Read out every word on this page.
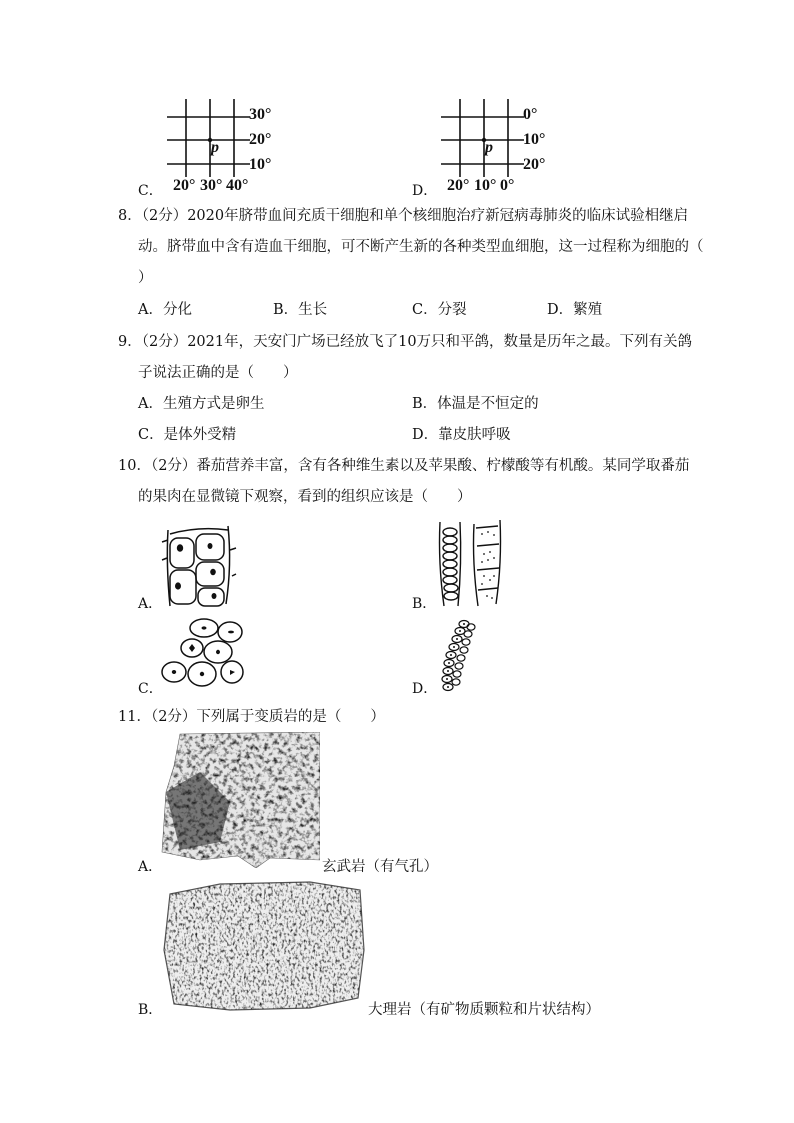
p
30°
20°
10°
20° 30° 40°
C．
p
0°
10°
20°
20° 10° 0°
D．
8．（2分）2020年脐带血间充质干细胞和单个核细胞治疗新冠病毒肺炎的临床试验相继启
动。脐带血中含有造血干细胞，可不断产生新的各种类型血细胞，这一过程称为细胞的（
）
A．分化	B．生长	C．分裂	D．繁殖
9．（2分）2021年，天安门广场已经放飞了10万只和平鸽，数量是历年之最。下列有关鸽
子说法正确的是（　　）
A．生殖方式是卵生	B．体温是不恒定的
C．是体外受精	D．靠皮肤呼吸
10．（2分）番茄营养丰富，含有各种维生素以及苹果酸、柠檬酸等有机酸。某同学取番茄
的果肉在显微镜下观察，看到的组织应该是（　　）
A．	B．
C．	D．
11．（2分）下列属于变质岩的是（　　）
A．	玄武岩（有气孔）
B．	大理岩（有矿物质颗粒和片状结构）
